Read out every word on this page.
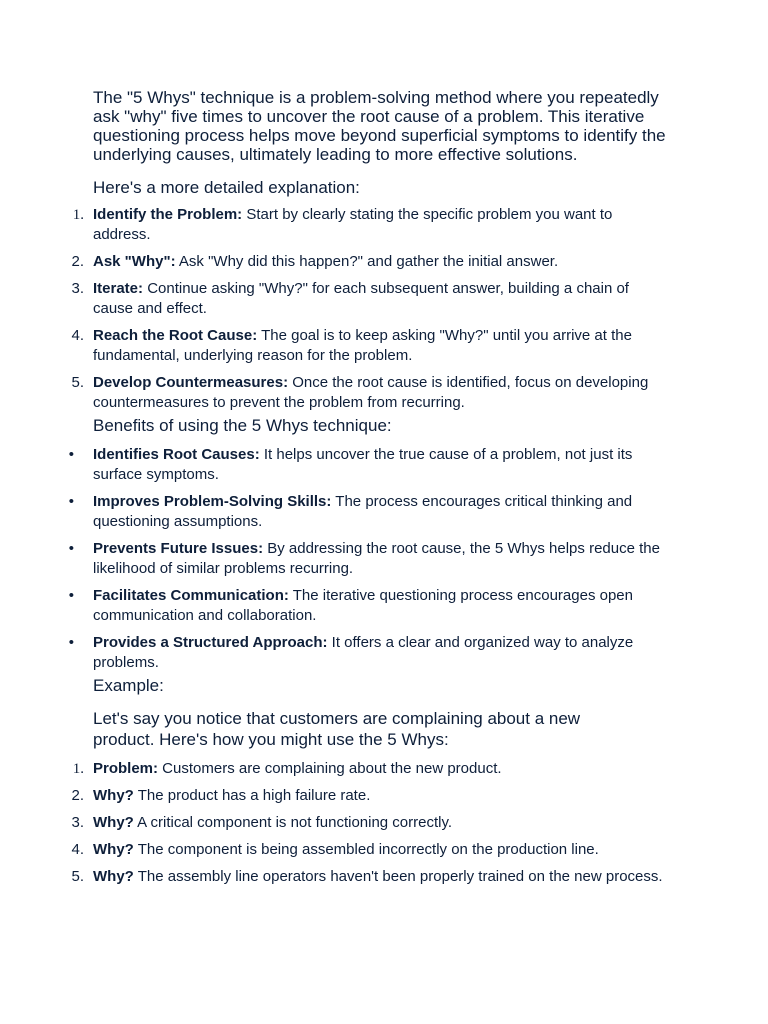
The "5 Whys" technique is a problem-solving method where you repeatedly ask "why" five times to uncover the root cause of a problem. This iterative questioning process helps move beyond superficial symptoms to identify the underlying causes, ultimately leading to more effective solutions.

Here's a more detailed explanation:

1. Identify the Problem: Start by clearly stating the specific problem you want to address.
2. Ask "Why": Ask "Why did this happen?" and gather the initial answer.
3. Iterate: Continue asking "Why?" for each subsequent answer, building a chain of cause and effect.
4. Reach the Root Cause: The goal is to keep asking "Why?" until you arrive at the fundamental, underlying reason for the problem.
5. Develop Countermeasures: Once the root cause is identified, focus on developing countermeasures to prevent the problem from recurring.

Benefits of using the 5 Whys technique:

• Identifies Root Causes: It helps uncover the true cause of a problem, not just its surface symptoms.
• Improves Problem-Solving Skills: The process encourages critical thinking and questioning assumptions.
• Prevents Future Issues: By addressing the root cause, the 5 Whys helps reduce the likelihood of similar problems recurring.
• Facilitates Communication: The iterative questioning process encourages open communication and collaboration.
• Provides a Structured Approach: It offers a clear and organized way to analyze problems.

Example:

Let's say you notice that customers are complaining about a new product. Here's how you might use the 5 Whys:

1. Problem: Customers are complaining about the new product.
2. Why? The product has a high failure rate.
3. Why? A critical component is not functioning correctly.
4. Why? The component is being assembled incorrectly on the production line.
5. Why? The assembly line operators haven't been properly trained on the new process.
